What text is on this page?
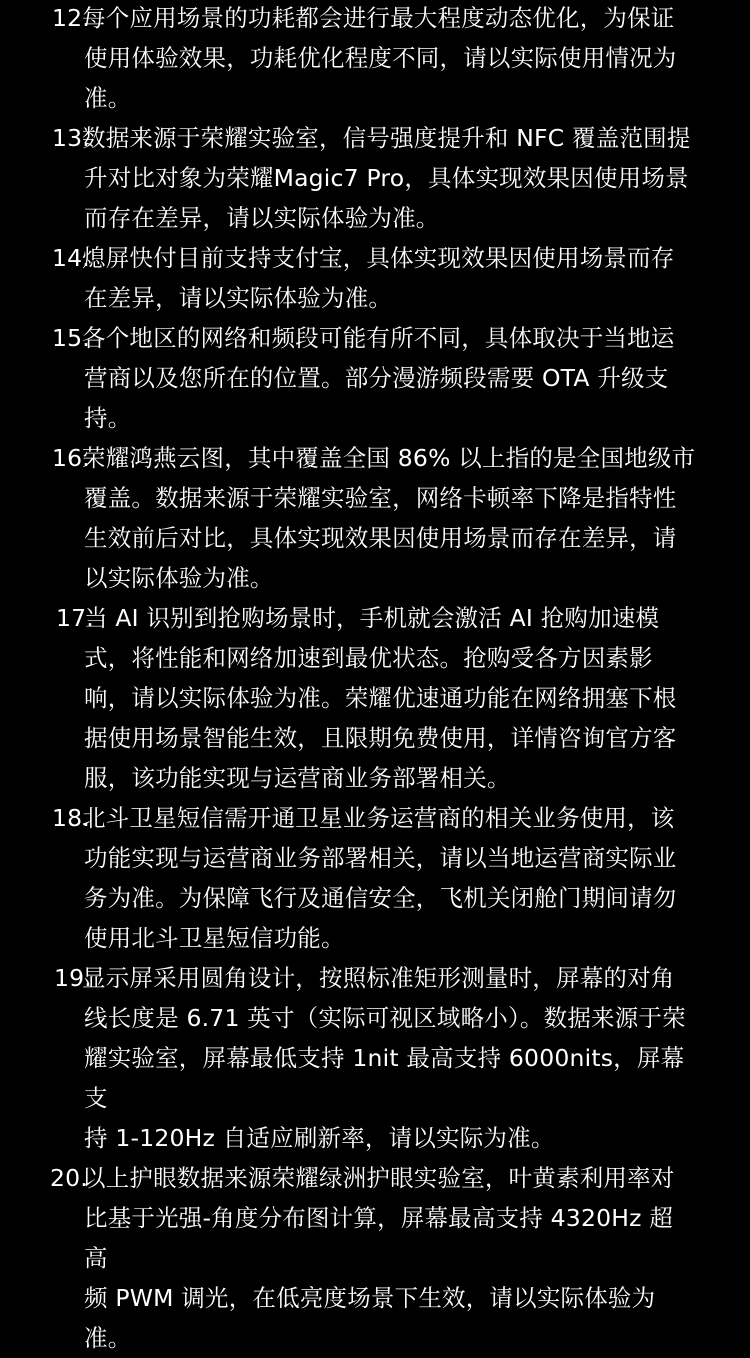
12.
每个应用场景的功耗都会进行最大程度动态优化，为保证
使用体验效果，功耗优化程度不同，请以实际使用情况为
准。
13.
数据来源于荣耀实验室，信号强度提升和 NFC 覆盖范围提
升对比对象为荣耀Magic7 Pro，具体实现效果因使用场景
而存在差异，请以实际体验为准。
14.
熄屏快付目前支持支付宝，具体实现效果因使用场景而存
在差异，请以实际体验为准。
15.
各个地区的网络和频段可能有所不同，具体取决于当地运
营商以及您所在的位置。部分漫游频段需要 OTA 升级支
持。
16.
荣耀鸿燕云图，其中覆盖全国 86% 以上指的是全国地级市
覆盖。数据来源于荣耀实验室，网络卡顿率下降是指特性
生效前后对比，具体实现效果因使用场景而存在差异，请
以实际体验为准。
17.
当 AI 识别到抢购场景时，手机就会激活 AI 抢购加速模
式，将性能和网络加速到最优状态。抢购受各方因素影
响，请以实际体验为准。荣耀优速通功能在网络拥塞下根
据使用场景智能生效，且限期免费使用，详情咨询官方客
服，该功能实现与运营商业务部署相关。
18.
北斗卫星短信需开通卫星业务运营商的相关业务使用，该
功能实现与运营商业务部署相关，请以当地运营商实际业
务为准。为保障飞行及通信安全，飞机关闭舱门期间请勿
使用北斗卫星短信功能。
19.
显示屏采用圆角设计，按照标准矩形测量时，屏幕的对角
线长度是 6.71 英寸（实际可视区域略小）。数据来源于荣
耀实验室，屏幕最低支持 1nit 最高支持 6000nits，屏幕支
持 1-120Hz 自适应刷新率，请以实际为准。
20.
以上护眼数据来源荣耀绿洲护眼实验室，叶黄素利用率对
比基于光强-角度分布图计算，屏幕最高支持 4320Hz 超高
频 PWM 调光，在低亮度场景下生效，请以实际体验为
准。
